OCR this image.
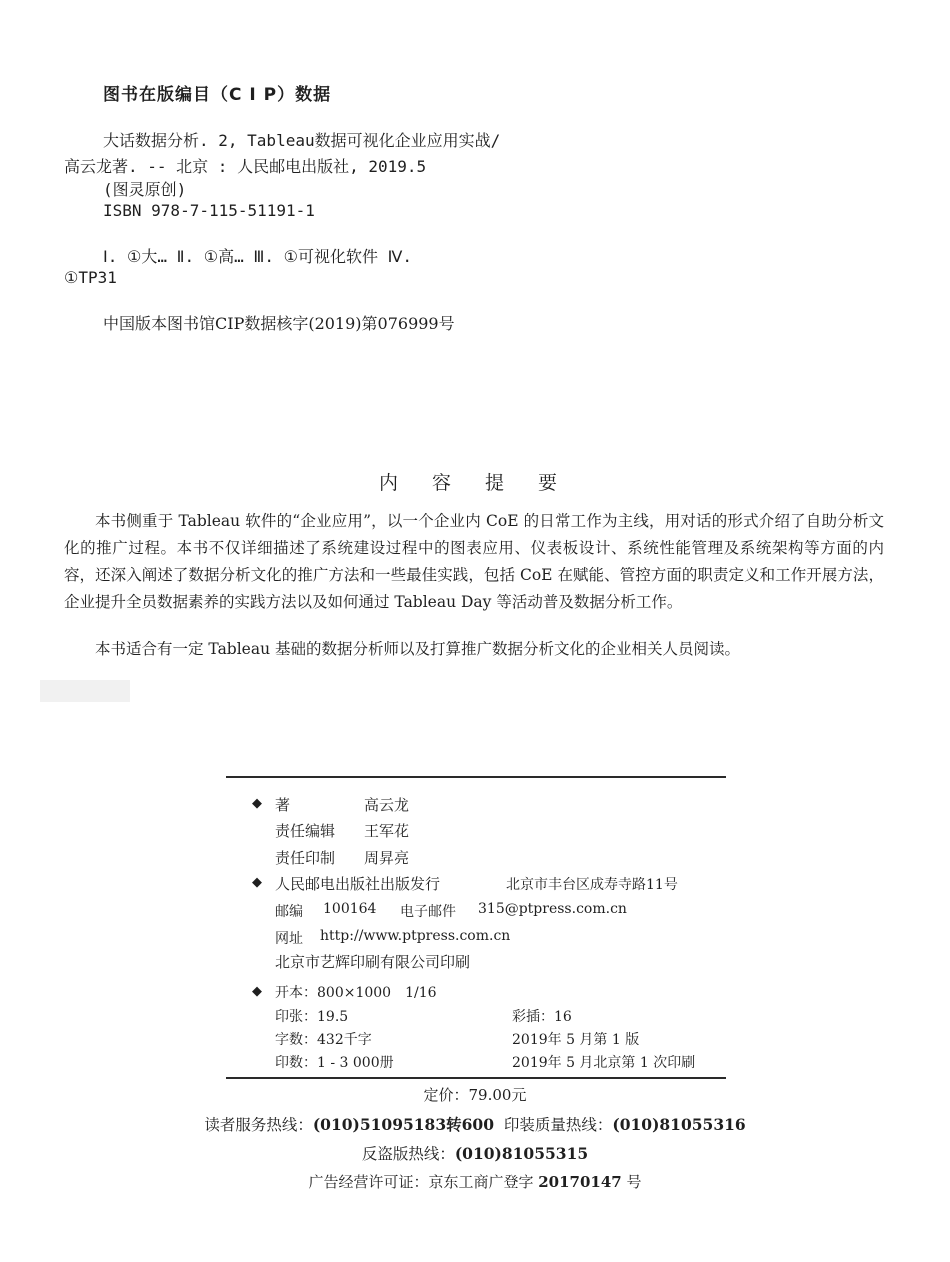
图书在版编目（C I P）数据
大话数据分析. 2, Tableau数据可视化企业应用实战/
高云龙著. -- 北京 : 人民邮电出版社, 2019.5
(图灵原创)
ISBN 978-7-115-51191-1
Ⅰ. ①大… Ⅱ. ①高… Ⅲ. ①可视化软件 Ⅳ.
①TP31
中国版本图书馆CIP数据核字(2019)第076999号
内 容 提 要

本书侧重于 Tableau 软件的“企业应用”，以一个企业内 CoE 的日常工作为主线，用对话的形式介绍了自助分析文化的推广过程。本书不仅详细描述了系统建设过程中的图表应用、仪表板设计、系统性能管理及系统架构等方面的内容，还深入阐述了数据分析文化的推广方法和一些最佳实践，包括 CoE 在赋能、管控方面的职责定义和工作开展方法，企业提升全员数据素养的实践方法以及如何通过 Tableau Day 等活动普及数据分析工作。

本书适合有一定 Tableau 基础的数据分析师以及打算推广数据分析文化的企业相关人员阅读。

◆ 著	高云龙
责任编辑 王军花
责任印制 周昇亮
◆ 人民邮电出版社出版发行	北京市丰台区成寿寺路11号
邮编 100164 电子邮件 315@ptpress.com.cn
网址 http://www.ptpress.com.cn
北京市艺辉印刷有限公司印刷
◆ 开本：800×1000　1/16
印张：19.5	彩插：16
字数：432千字	2019年 5 月第 1 版
印数：1 - 3 000册	2019年 5 月北京第 1 次印刷
定价：79.00元
读者服务热线：(010)51095183转600 印装质量热线：(010)81055316
反盗版热线：(010)81055315
广告经营许可证：京东工商广登字 20170147 号
